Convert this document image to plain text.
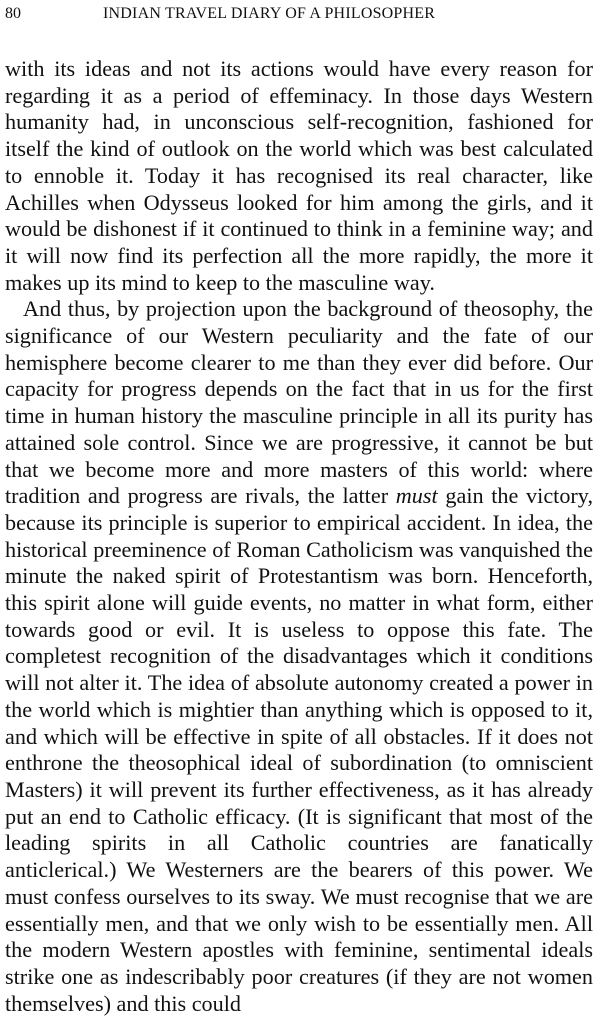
80	INDIAN TRAVEL DIARY OF A PHILOSOPHER

with its ideas and not its actions would have every reason for regarding it as a period of effeminacy. In those days Western humanity had, in unconscious self-recognition, fashioned for itself the kind of outlook on the world which was best calculated to ennoble it. Today it has recognised its real character, like Achilles when Odysseus looked for him among the girls, and it would be dishonest if it continued to think in a feminine way; and it will now find its perfection all the more rapidly, the more it makes up its mind to keep to the masculine way.

And thus, by projection upon the background of theosophy, the significance of our Western peculiarity and the fate of our hemisphere become clearer to me than they ever did before. Our capacity for progress depends on the fact that in us for the first time in human history the masculine principle in all its purity has attained sole control. Since we are progressive, it cannot be but that we become more and more masters of this world: where tradition and progress are rivals, the latter must gain the victory, because its principle is superior to empirical accident. In idea, the historical preeminence of Roman Catholicism was vanquished the minute the naked spirit of Protestantism was born. Henceforth, this spirit alone will guide events, no matter in what form, either towards good or evil. It is useless to oppose this fate. The completest recognition of the disadvantages which it conditions will not alter it. The idea of absolute autonomy created a power in the world which is mightier than anything which is opposed to it, and which will be effective in spite of all obstacles. If it does not enthrone the theosophical ideal of subordination (to omniscient Masters) it will prevent its further effectiveness, as it has already put an end to Catholic efficacy. (It is significant that most of the leading spirits in all Catholic countries are fanatically anticlerical.) We Westerners are the bearers of this power. We must confess ourselves to its sway. We must recognise that we are essentially men, and that we only wish to be essentially men. All the modern Western apostles with feminine, sentimental ideals strike one as indescribably poor creatures (if they are not women themselves) and this could
